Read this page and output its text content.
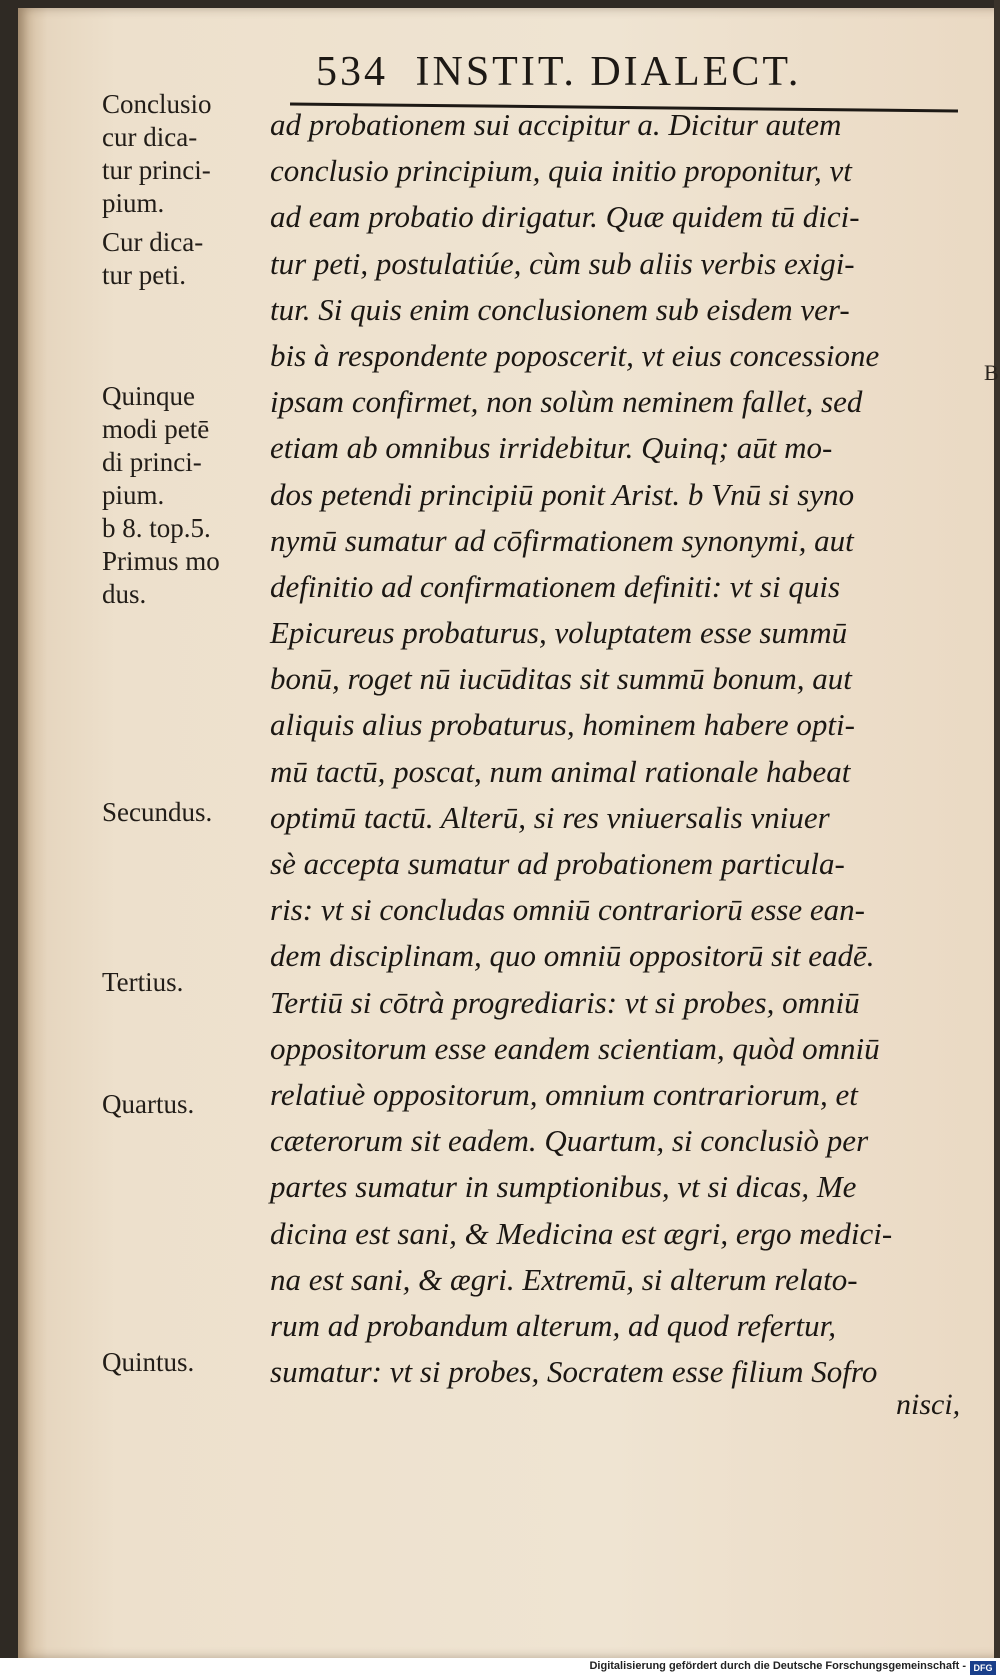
534 INSTIT. DIALECT.
Conclusio
cur dica-
tur princi-
pium.
Cur dica-
tur peti.
Quinque
modi petē
di princi-
pium.
b 8. top.5.
Primus mo
dus.
Secundus.
Tertius.
Quartus.
Quintus.
ad probationem sui accipitur a. Dicitur autem
conclusio principium, quia initio proponitur, vt
ad eam probatio dirigatur. Quæ quidem tū dici-
tur peti, postulatiúe, cùm sub aliis verbis exigi-
tur. Si quis enim conclusionem sub eisdem ver-
bis à respondente poposcerit, vt eius concessione
ipsam confirmet, non solùm neminem fallet, sed
etiam ab omnibus irridebitur. Quinq; aūt mo-
dos petendi principiū ponit Arist. b Vnū si syno
nymū sumatur ad cōfirmationem synonymi, aut
definitio ad confirmationem definiti: vt si quis
Epicureus probaturus, voluptatem esse summū
bonū, roget nū iucūditas sit summū bonum, aut
aliquis alius probaturus, hominem habere opti-
mū tactū, poscat, num animal rationale habeat
optimū tactū. Alterū, si res vniuersalis vniuer
sè accepta sumatur ad probationem particula-
ris: vt si concludas omniū contrariorū esse ean-
dem disciplinam, quo omniū oppositorū sit eadē.
Tertiū si cōtrà progrediaris: vt si probes, omniū
oppositorum esse eandem scientiam, quòd omniū
relatiuè oppositorum, omnium contrariorum, et
cæterorum sit eadem. Quartum, si conclusiò per
partes sumatur in sumptionibus, vt si dicas, Me
dicina est sani, & Medicina est ægri, ergo medici-
na est sani, & ægri. Extremū, si alterum relato-
rum ad probandum alterum, ad quod refertur,
sumatur: vt si probes, Socratem esse filium Sofro
nisci,
B
Digitalisierung gefördert durch die Deutsche Forschungsgemeinschaft - DFG
